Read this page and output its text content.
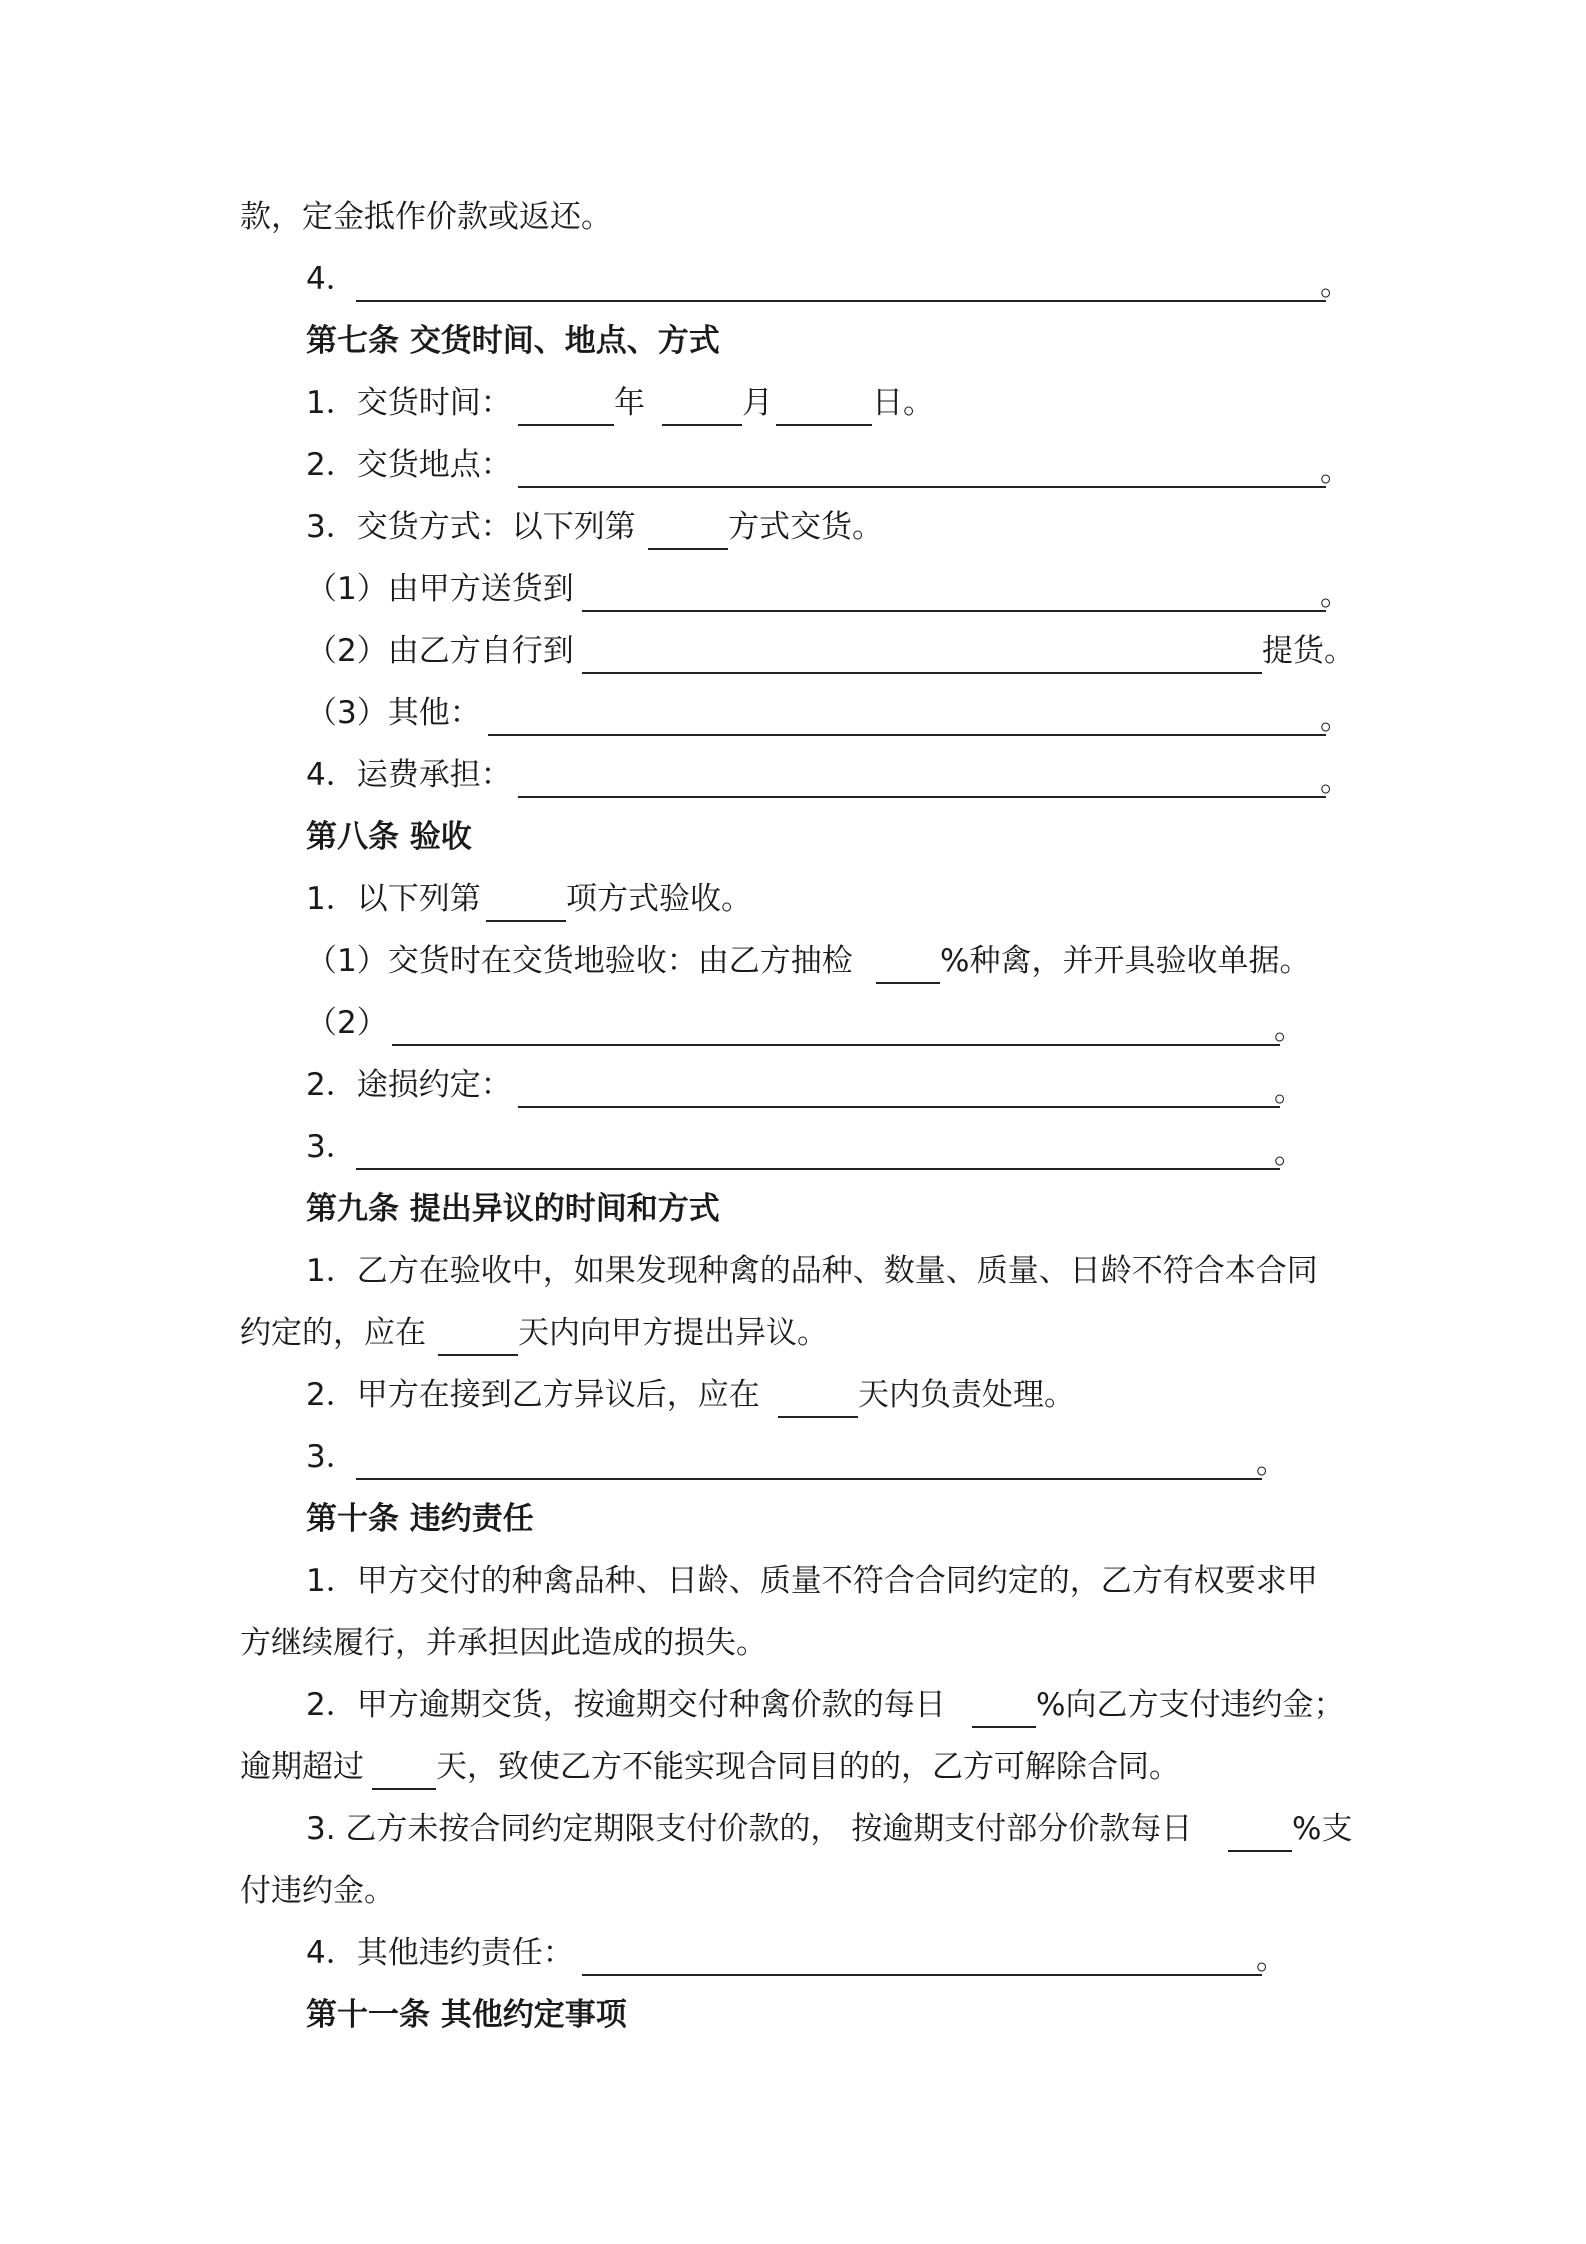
款，定金抵作价款或返还。
4．	。
第七条 交货时间、地点、方式
1．交货时间：	年	月	日。
2．交货地点：	。
3．交货方式：以下列第	方式交货。
（1）由甲方送货到	。
（2）由乙方自行到	提货。
（3）其他：	。
4．运费承担：	。
第八条 验收
1．以下列第	项方式验收。
（1）交货时在交货地验收：由乙方抽检	%种禽，并开具验收单据。
（2）	。
2．途损约定：	。
3．	。
第九条 提出异议的时间和方式
1．乙方在验收中，如果发现种禽的品种、数量、质量、日龄不符合本合同
约定的，应在	天内向甲方提出异议。
2．甲方在接到乙方异议后，应在	天内负责处理。
3．	。
第十条 违约责任
1．甲方交付的种禽品种、日龄、质量不符合合同约定的，乙方有权要求甲
方继续履行，并承担因此造成的损失。
2．甲方逾期交货，按逾期交付种禽价款的每日	%向乙方支付违约金；
逾期超过 天，致使乙方不能实现合同目的的，乙方可解除合同。
3. 乙方未按合同约定期限支付价款的， 按逾期支付部分价款每日	%支
付违约金。
4．其他违约责任：	。
第十一条 其他约定事项
